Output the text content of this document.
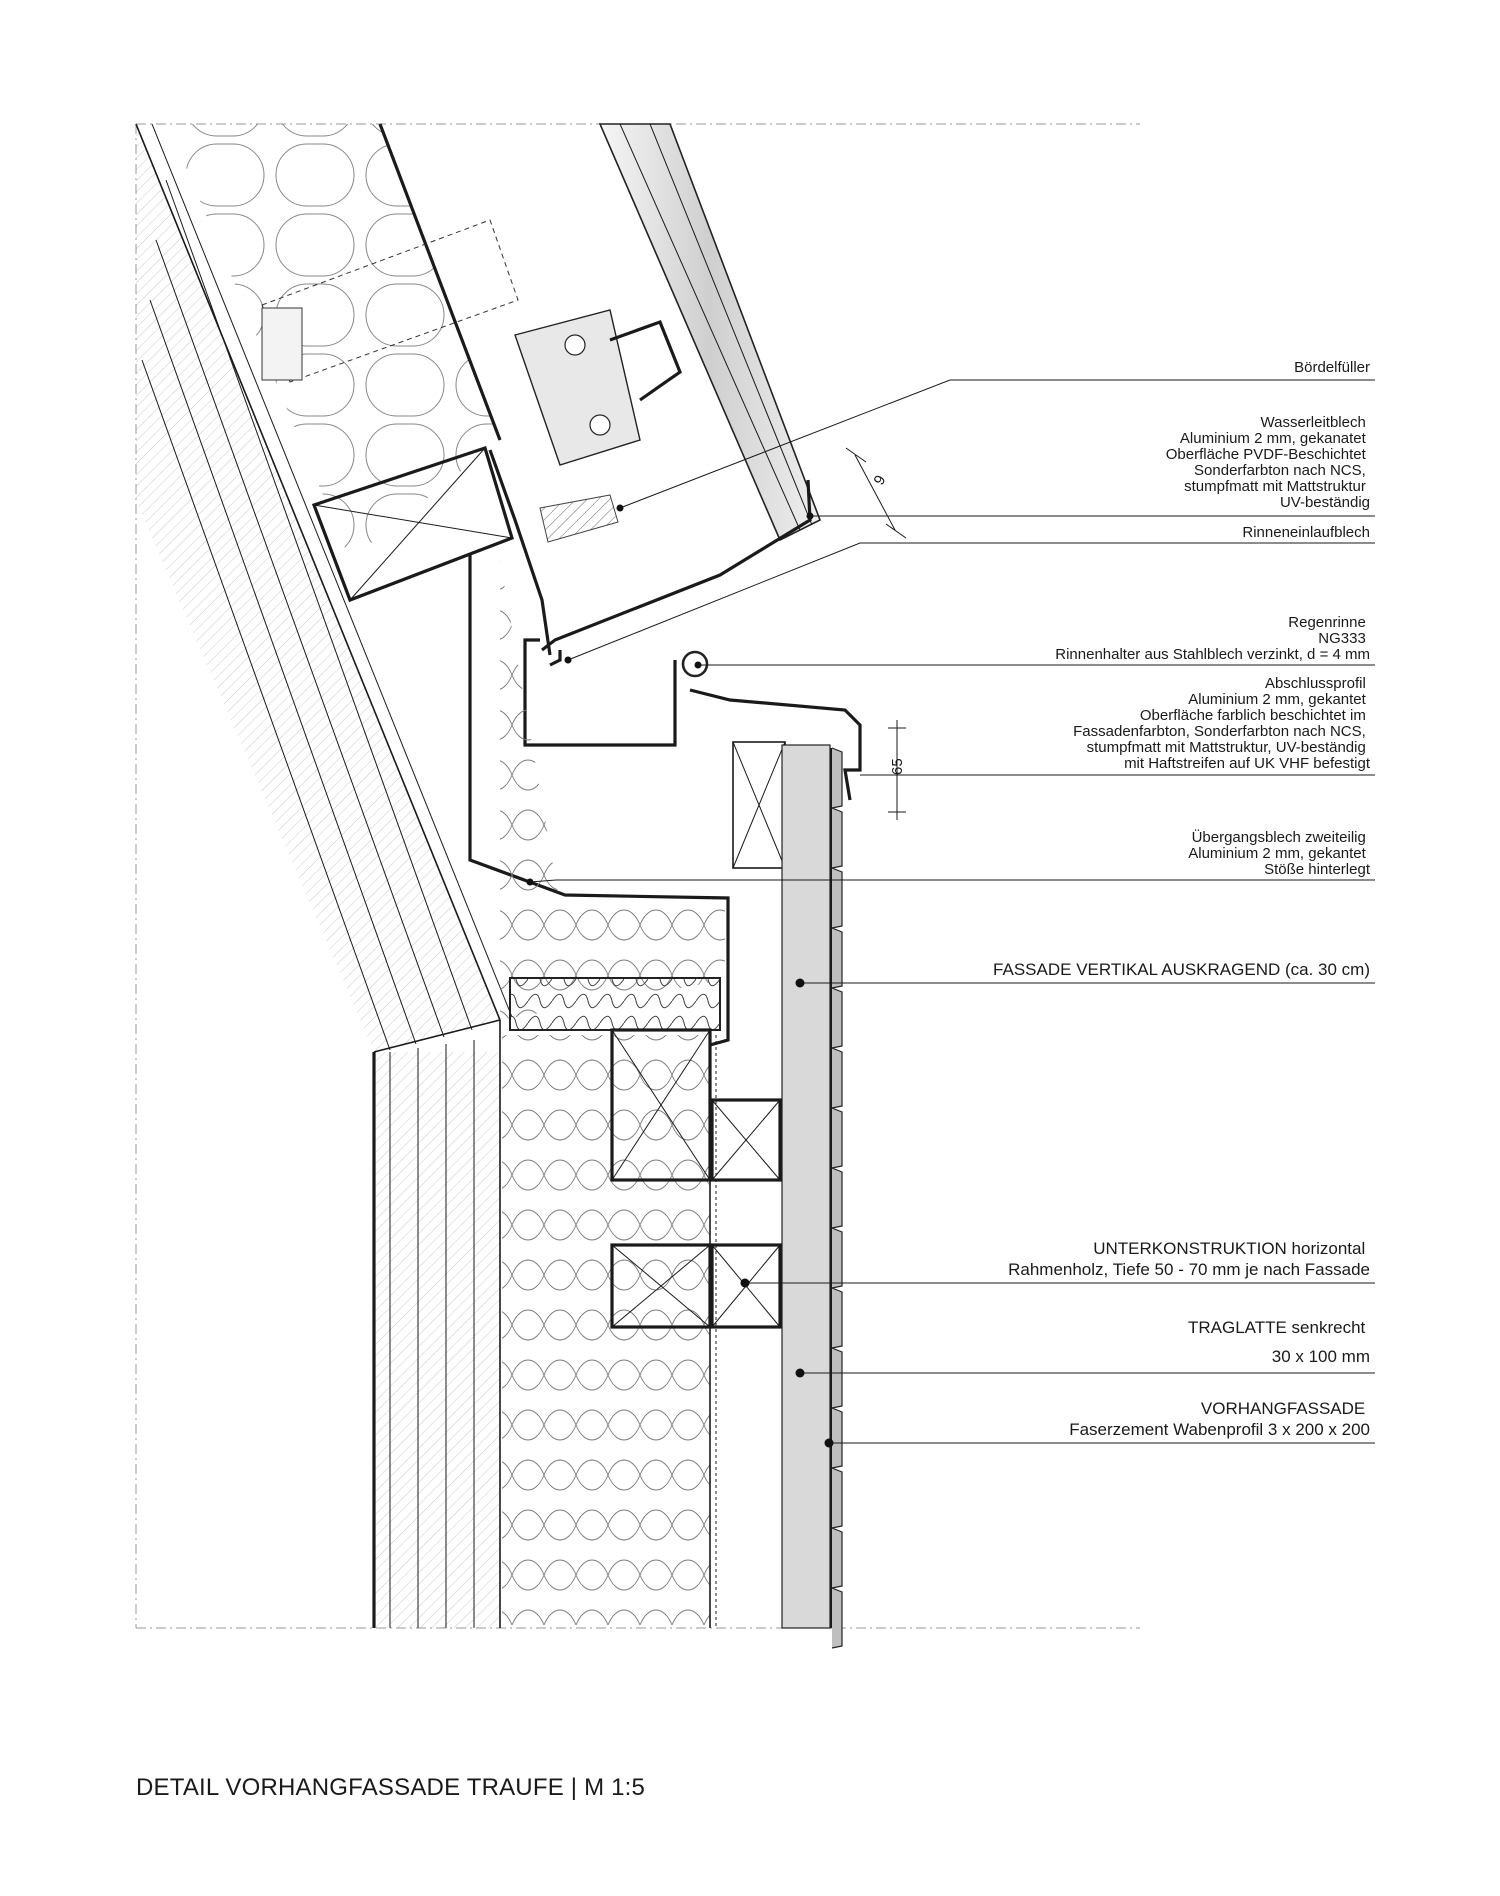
9
65
Bördelfüller
Wasserleitblech Aluminium 2 mm, gekanatet Oberfläche PVDF-Beschichtet Sonderfarbton nach NCS, stumpfmatt mit Mattstruktur UV-beständig
Rinneneinlaufblech
Regenrinne NG333 Rinnenhalter aus Stahlblech verzinkt, d = 4 mm
Abschlussprofil Aluminium 2 mm, gekantet Oberfläche farblich beschichtet im Fassadenfarbton, Sonderfarbton nach NCS, stumpfmatt mit Mattstruktur, UV-beständig mit Haftstreifen auf UK VHF befestigt
Übergangsblech zweiteilig Aluminium 2 mm, gekantet Stöße hinterlegt
FASSADE VERTIKAL AUSKRAGEND (ca. 30 cm)
UNTERKONSTRUKTION horizontal Rahmenholz, Tiefe 50 - 70 mm je nach Fassade
TRAGLATTE senkrecht 30 x 100 mm
VORHANGFASSADE Faserzement Wabenprofil 3 x 200 x 200
DETAIL VORHANGFASSADE TRAUFE | M 1:5
